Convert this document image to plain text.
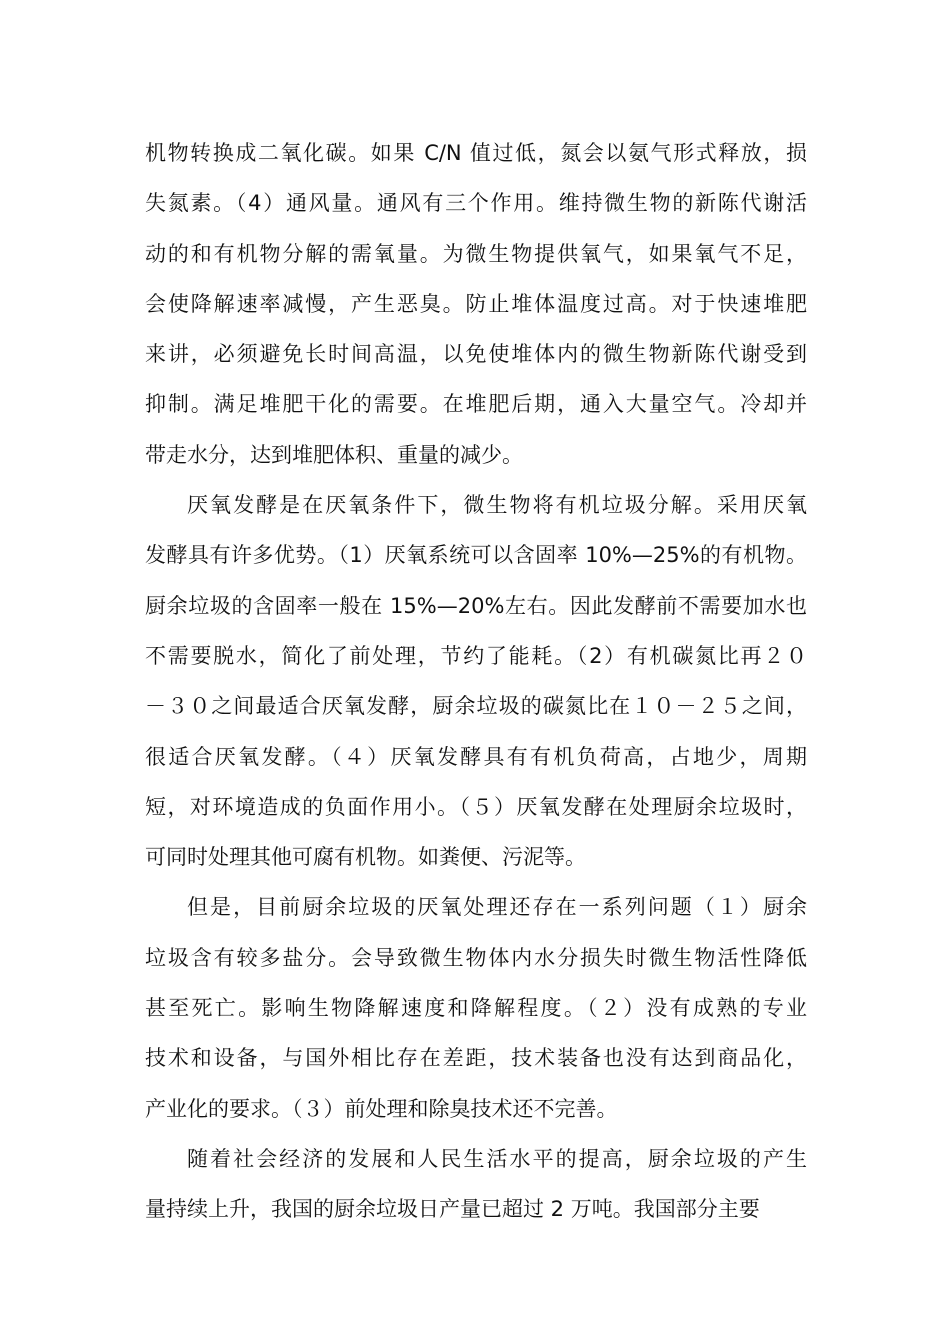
机物转换成二氧化碳。如果 C/N 值过低，氮会以氨气形式释放，损
失氮素。（4）通风量。通风有三个作用。维持微生物的新陈代谢活
动的和有机物分解的需氧量。为微生物提供氧气，如果氧气不足，
会使降解速率减慢，产生恶臭。防止堆体温度过高。对于快速堆肥
来讲，必须避免长时间高温，以免使堆体内的微生物新陈代谢受到
抑制。满足堆肥干化的需要。在堆肥后期，通入大量空气。冷却并
带走水分，达到堆肥体积、重量的减少。
厌氧发酵是在厌氧条件下，微生物将有机垃圾分解。采用厌氧
发酵具有许多优势。（1）厌氧系统可以含固率 10%—25%的有机物。
厨余垃圾的含固率一般在 15%—20%左右。因此发酵前不需要加水也
不需要脱水，简化了前处理，节约了能耗。（2）有机碳氮比再２０
－３０之间最适合厌氧发酵，厨余垃圾的碳氮比在１０－２５之间，
很适合厌氧发酵。（４）厌氧发酵具有有机负荷高，占地少，周期
短，对环境造成的负面作用小。（５）厌氧发酵在处理厨余垃圾时，
可同时处理其他可腐有机物。如粪便、污泥等。
但是，目前厨余垃圾的厌氧处理还存在一系列问题（１）厨余
垃圾含有较多盐分。会导致微生物体内水分损失时微生物活性降低
甚至死亡。影响生物降解速度和降解程度。（２）没有成熟的专业
技术和设备，与国外相比存在差距，技术装备也没有达到商品化，
产业化的要求。（３）前处理和除臭技术还不完善。
随着社会经济的发展和人民生活水平的提高，厨余垃圾的产生
量持续上升，我国的厨余垃圾日产量已超过 2 万吨。我国部分主要
